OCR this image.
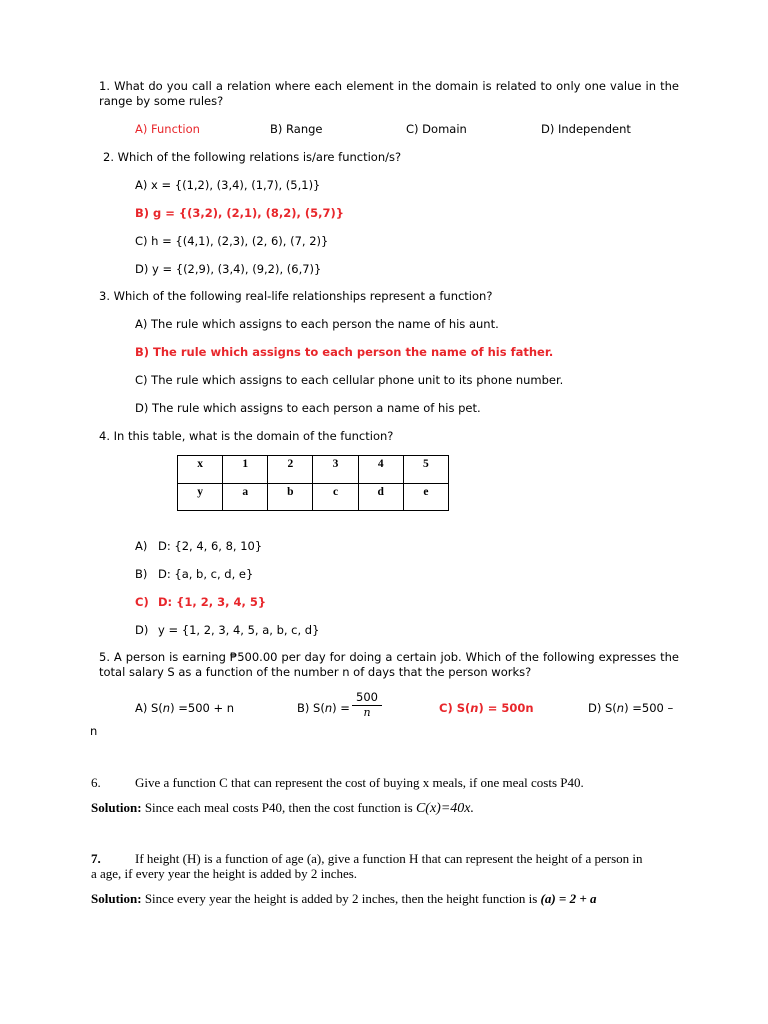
1. What do you call a relation where each element in the domain is related to only one value in the range by some rules?
A) Function	B) Range	C) Domain	D) Independent
2. Which of the following relations is/are function/s?
A) x = {(1,2), (3,4), (1,7), (5,1)}
B) g = {(3,2), (2,1), (8,2), (5,7)}
C) h = {(4,1), (2,3), (2, 6), (7, 2)}
D) y = {(2,9), (3,4), (9,2), (6,7)}
3. Which of the following real-life relationships represent a function?
A) The rule which assigns to each person the name of his aunt.
B) The rule which assigns to each person the name of his father.
C) The rule which assigns to each cellular phone unit to its phone number.
D) The rule which assigns to each person a name of his pet.
4. In this table, what is the domain of the function?
x	1	2	3	4	5
y	a	b	c	d	e
A) D: {2, 4, 6, 8, 10}
B) D: {a, b, c, d, e}
C) D: {1, 2, 3, 4, 5}
D) y = {1, 2, 3, 4, 5, a, b, c, d}
5. A person is earning ₱500.00 per day for doing a certain job. Which of the following expresses the total salary S as a function of the number n of days that the person works?
A) S(n) =500 + n	B) $S(n) = \frac{500}{n}$	C) S(n) = 500n	D) S(n) =500 –
n
6.	Give a function C that can represent the cost of buying x meals, if one meal costs P40.
Solution: Since each meal costs P40, then the cost function is C(x)=40x.
7.	If height (H) is a function of age (a), give a function H that can represent the height of a person in
a age, if every year the height is added by 2 inches.
Solution: Since every year the height is added by 2 inches, then the height function is (a) = 2 + a
